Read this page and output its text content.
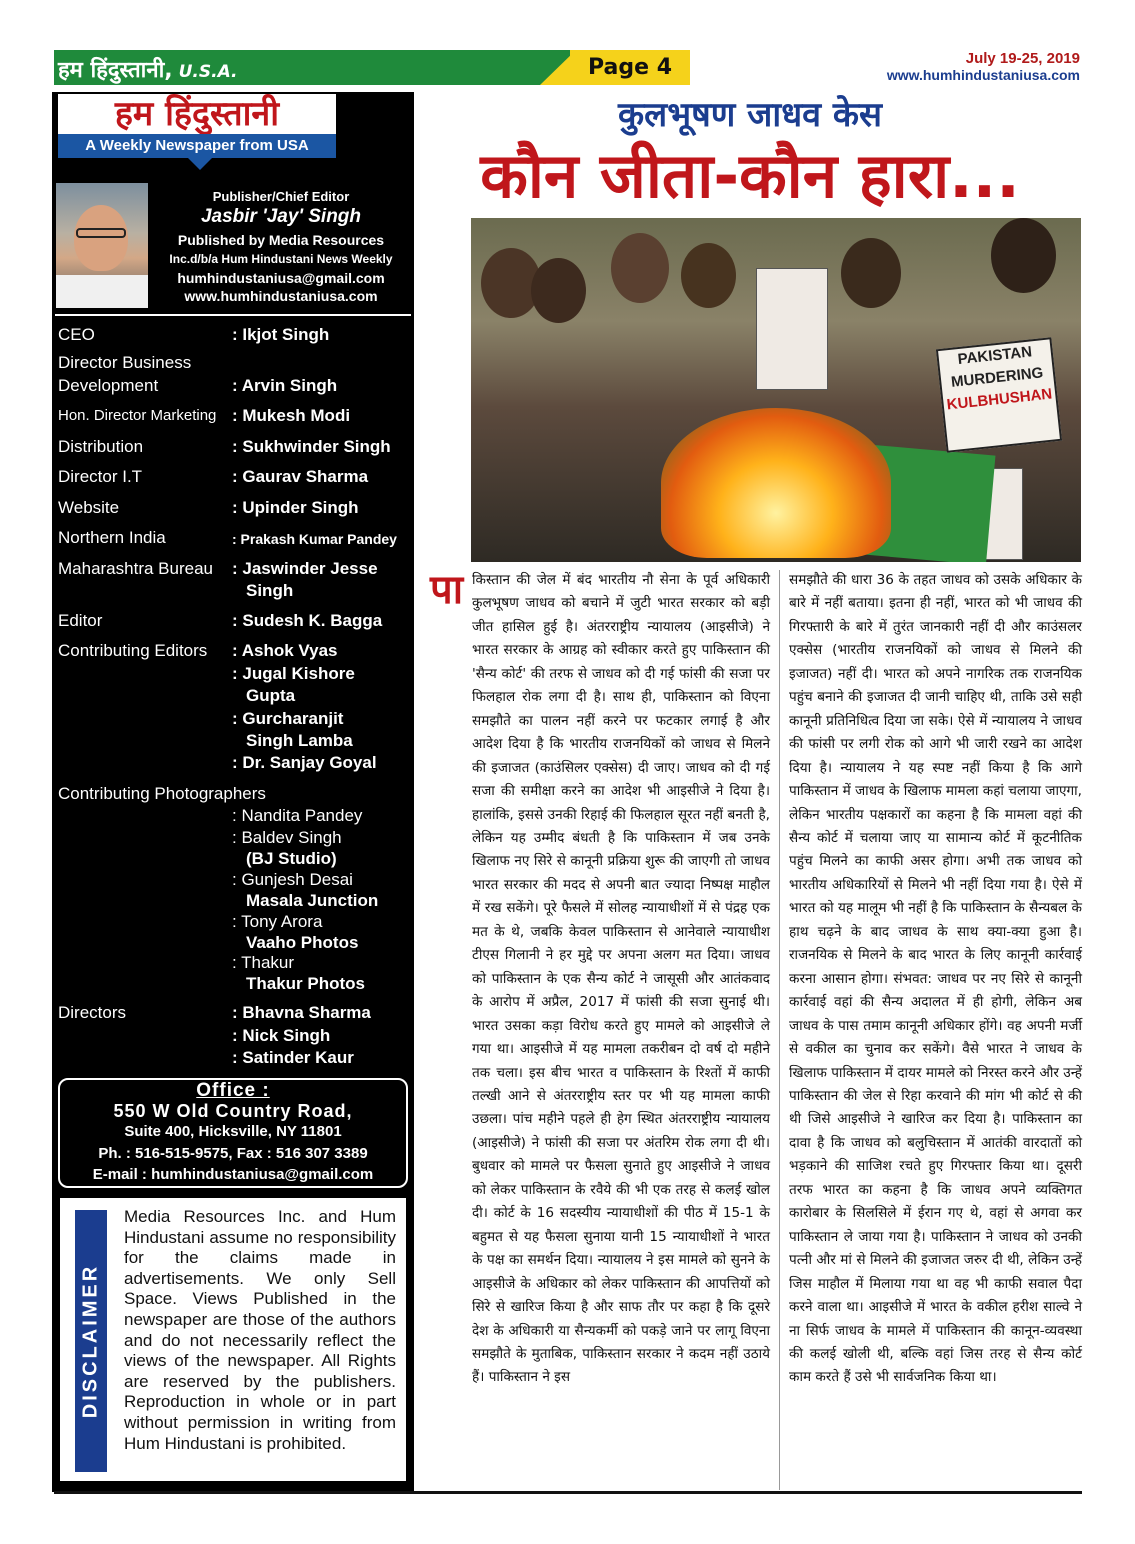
हम हिंदुस्तानी, U.S.A.	Page 4	July 19-25, 2019
www.humhindustaniusa.com
हम हिंदुस्तानी
A Weekly Newspaper from USA
Publisher/Chief Editor
Jasbir 'Jay' Singh
Published by Media Resources
Inc.d/b/a Hum Hindustani News Weekly
humhindustaniusa@gmail.com
www.humhindustaniusa.com
CEO	: Ikjot Singh
Director Business
Development	: Arvin Singh
Hon. Director Marketing : Mukesh Modi
Distribution	: Sukhwinder Singh
Director I.T	: Gaurav Sharma
Website	: Upinder Singh
Northern India	: Prakash Kumar Pandey
Maharashtra Bureau : Jaswinder Jesse
Singh
Editor	: Sudesh K. Bagga
Contributing Editors : Ashok Vyas
: Jugal Kishore
Gupta
: Gurcharanjit
Singh Lamba
: Dr. Sanjay Goyal
Contributing Photographers
: Nandita Pandey
: Baldev Singh
(BJ Studio)
: Gunjesh Desai
Masala Junction
: Tony Arora
Vaaho Photos
: Thakur
Thakur Photos
Directors	: Bhavna Sharma
: Nick Singh
: Satinder Kaur
Office :
550 W Old Country Road,
Suite 400, Hicksville, NY 11801
Ph. : 516-515-9575, Fax : 516 307 3389
E-mail : humhindustaniusa@gmail.com
DISCLAIMER
Media Resources Inc. and Hum Hindustani assume no responsibility for the claims made in advertisements. We only Sell Space. Views Published in the newspaper are those of the authors and do not necessarily reflect the views of the newspaper. All Rights are reserved by the publishers. Reproduction in whole or in part without permission in writing from Hum Hindustani is prohibited.
कुलभूषण जाधव केस
कौन जीता-कौन हारा...
PAKISTAN
MURDERING
KULBHUSHAN
पा किस्तान की जेल में बंद भारतीय नौ सेना के पूर्व अधिकारी कुलभूषण जाधव को बचाने में जुटी भारत सरकार को बड़ी जीत हासिल हुई है। अंतरराष्ट्रीय न्यायालय (आइसीजे) ने भारत सरकार के आग्रह को स्वीकार करते हुए पाकिस्तान की 'सैन्य कोर्ट' की तरफ से जाधव को दी गई फांसी की सजा पर फिलहाल रोक लगा दी है। साथ ही, पाकिस्तान को विएना समझौते का पालन नहीं करने पर फटकार लगाई है और आदेश दिया है कि भारतीय राजनयिकों को जाधव से मिलने की इजाजत (काउंसिलर एक्सेस) दी जाए। जाधव को दी गई सजा की समीक्षा करने का आदेश भी आइसीजे ने दिया है। हालांकि, इससे उनकी रिहाई की फिलहाल सूरत नहीं बनती है, लेकिन यह उम्मीद बंधती है कि पाकिस्तान में जब उनके खिलाफ नए सिरे से कानूनी प्रक्रिया शुरू की जाएगी तो जाधव भारत सरकार की मदद से अपनी बात ज्यादा निष्पक्ष माहौल में रख सकेंगे। पूरे फैसले में सोलह न्यायाधीशों में से पंद्रह एक मत के थे, जबकि केवल पाकिस्तान से आनेवाले न्यायाधीश टीएस गिलानी ने हर मुद्दे पर अपना अलग मत दिया। जाधव को पाकिस्तान के एक सैन्य कोर्ट ने जासूसी और आतंकवाद के आरोप में अप्रैल, 2017 में फांसी की सजा सुनाई थी। भारत उसका कड़ा विरोध करते हुए मामले को आइसीजे ले गया था। आइसीजे में यह मामला तकरीबन दो वर्ष दो महीने तक चला। इस बीच भारत व पाकिस्तान के रिश्तों में काफी तल्खी आने से अंतरराष्ट्रीय स्तर पर भी यह मामला काफी उछला। पांच महीने पहले ही हेग स्थित अंतरराष्ट्रीय न्यायालय (आइसीजे) ने फांसी की सजा पर अंतरिम रोक लगा दी थी। बुधवार को मामले पर फैसला सुनाते हुए आइसीजे ने जाधव को लेकर पाकिस्तान के रवैये की भी एक तरह से कलई खोल दी। कोर्ट के 16 सदस्यीय न्यायाधीशों की पीठ में 15-1 के बहुमत से यह फैसला सुनाया यानी 15 न्यायाधीशों ने भारत के पक्ष का समर्थन दिया। न्यायालय ने इस मामले को सुनने के आइसीजे के अधिकार को लेकर पाकिस्तान की आपत्तियों को सिरे से खारिज किया है और साफ तौर पर कहा है कि दूसरे देश के अधिकारी या सैन्यकर्मी को पकड़े जाने पर लागू विएना समझौते के मुताबिक, पाकिस्तान सरकार ने कदम नहीं उठाये हैं। पाकिस्तान ने इस

समझौते की धारा 36 के तहत जाधव को उसके अधिकार के बारे में नहीं बताया। इतना ही नहीं, भारत को भी जाधव की गिरफ्तारी के बारे में तुरंत जानकारी नहीं दी और काउंसलर एक्सेस (भारतीय राजनयिकों को जाधव से मिलने की इजाजत) नहीं दी। भारत को अपने नागरिक तक राजनयिक पहुंच बनाने की इजाजत दी जानी चाहिए थी, ताकि उसे सही कानूनी प्रतिनिधित्व दिया जा सके। ऐसे में न्यायालय ने जाधव की फांसी पर लगी रोक को आगे भी जारी रखने का आदेश दिया है। न्यायालय ने यह स्पष्ट नहीं किया है कि आगे पाकिस्तान में जाधव के खिलाफ मामला कहां चलाया जाएगा, लेकिन भारतीय पक्षकारों का कहना है कि मामला वहां की सैन्य कोर्ट में चलाया जाए या सामान्य कोर्ट में कूटनीतिक पहुंच मिलने का काफी असर होगा। अभी तक जाधव को भारतीय अधिकारियों से मिलने भी नहीं दिया गया है। ऐसे में भारत को यह मालूम भी नहीं है कि पाकिस्तान के सैन्यबल के हाथ चढ़ने के बाद जाधव के साथ क्या-क्या हुआ है। राजनयिक से मिलने के बाद भारत के लिए कानूनी कार्रवाई करना आसान होगा। संभवत: जाधव पर नए सिरे से कानूनी कार्रवाई वहां की सैन्य अदालत में ही होगी, लेकिन अब जाधव के पास तमाम कानूनी अधिकार होंगे। वह अपनी मर्जी से वकील का चुनाव कर सकेंगे। वैसे भारत ने जाधव के खिलाफ पाकिस्तान में दायर मामले को निरस्त करने और उन्हें पाकिस्तान की जेल से रिहा करवाने की मांग भी कोर्ट से की थी जिसे आइसीजे ने खारिज कर दिया है। पाकिस्तान का दावा है कि जाधव को बलुचिस्तान में आतंकी वारदातों को भड़काने की साजिश रचते हुए गिरफ्तार किया था। दूसरी तरफ भारत का कहना है कि जाधव अपने व्यक्तिगत कारोबार के सिलसिले में ईरान गए थे, वहां से अगवा कर पाकिस्तान ले जाया गया है। पाकिस्तान ने जाधव को उनकी पत्नी और मां से मिलने की इजाजत जरुर दी थी, लेकिन उन्हें जिस माहौल में मिलाया गया था वह भी काफी सवाल पैदा करने वाला था। आइसीजे में भारत के वकील हरीश साल्वे ने ना सिर्फ जाधव के मामले में पाकिस्तान की कानून-व्यवस्था की कलई खोली थी, बल्कि वहां जिस तरह से सैन्य कोर्ट काम करते हैं उसे भी सार्वजनिक किया था।
